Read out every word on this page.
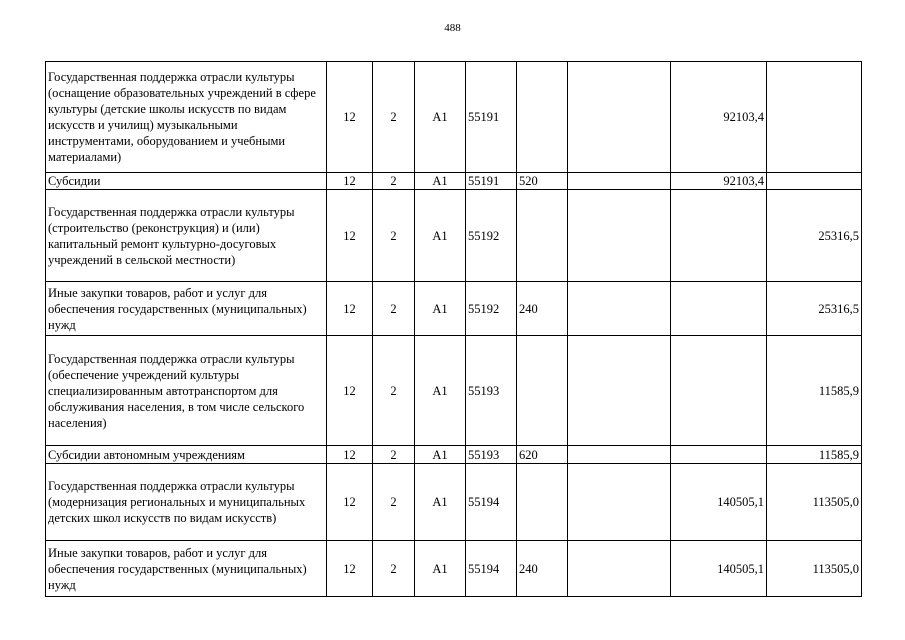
488
Государственная поддержка отрасли культуры (оснащение образовательных учреждений в сфере культуры (детские школы искусств по видам искусств и училищ) музыкальными инструментами, оборудованием и учебными материалами)	12	2	А1	55191			92103,4	
Субсидии	12	2	А1	55191	520		92103,4	
Государственная поддержка отрасли культуры (строительство (реконструкция) и (или) капитальный ремонт культурно-досуговых учреждений в сельской местности)	12	2	А1	55192				25316,5
Иные закупки товаров, работ и услуг для обеспечения государственных (муниципальных) нужд	12	2	А1	55192	240			25316,5
Государственная поддержка отрасли культуры (обеспечение учреждений культуры специализированным автотранспортом для обслуживания населения, в том числе сельского населения)	12	2	А1	55193				11585,9
Субсидии автономным учреждениям	12	2	А1	55193	620			11585,9
Государственная поддержка отрасли культуры (модернизация региональных и муниципальных детских школ искусств по видам искусств)	12	2	А1	55194			140505,1	113505,0
Иные закупки товаров, работ и услуг для обеспечения государственных (муниципальных) нужд	12	2	А1	55194	240		140505,1	113505,0
